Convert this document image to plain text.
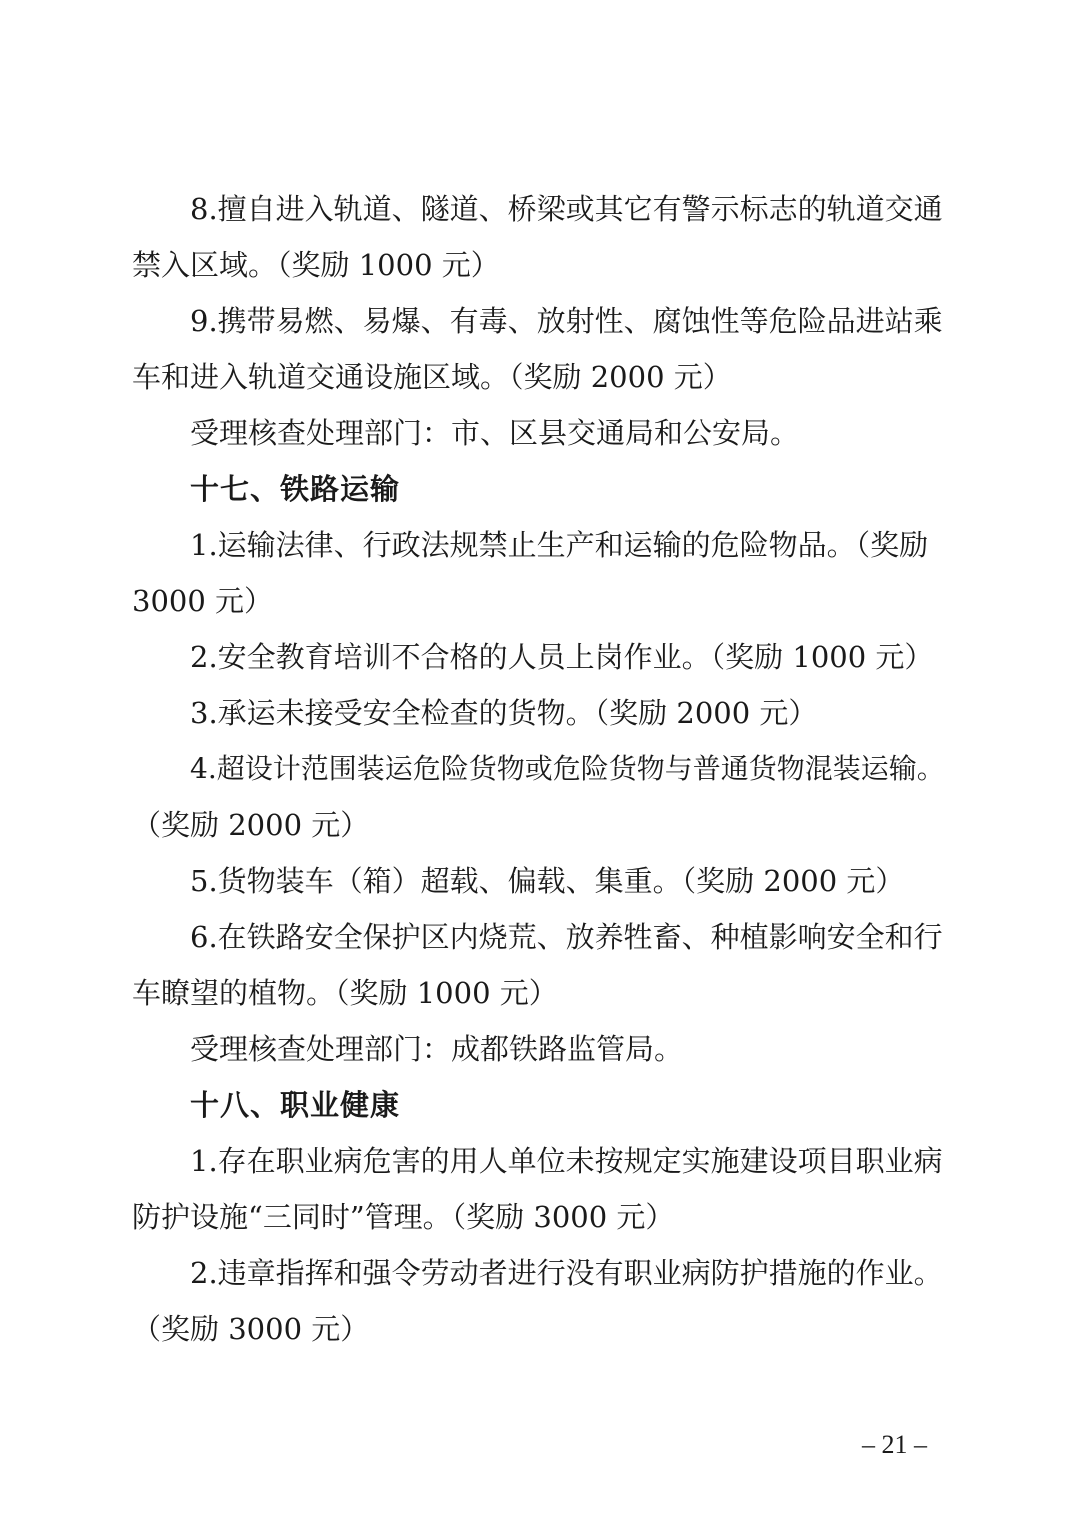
8.擅自进入轨道、隧道、桥梁或其它有警示标志的轨道交通

禁入区域。（奖励 1000 元）

9.携带易燃、易爆、有毒、放射性、腐蚀性等危险品进站乘

车和进入轨道交通设施区域。（奖励 2000 元）

受理核查处理部门：市、区县交通局和公安局。

十七、铁路运输

1.运输法律、行政法规禁止生产和运输的危险物品。（奖励

3000 元）

2.安全教育培训不合格的人员上岗作业。（奖励 1000 元）

3.承运未接受安全检查的货物。（奖励 2000 元）

4.超设计范围装运危险货物或危险货物与普通货物混装运输。

（奖励 2000 元）

5.货物装车（箱）超载、偏载、集重。（奖励 2000 元）

6.在铁路安全保护区内烧荒、放养牲畜、种植影响安全和行

车瞭望的植物。（奖励 1000 元）

受理核查处理部门：成都铁路监管局。

十八、职业健康

1.存在职业病危害的用人单位未按规定实施建设项目职业病

防护设施“三同时”管理。（奖励 3000 元）

2.违章指挥和强令劳动者进行没有职业病防护措施的作业。

（奖励 3000 元）

– 21 –
